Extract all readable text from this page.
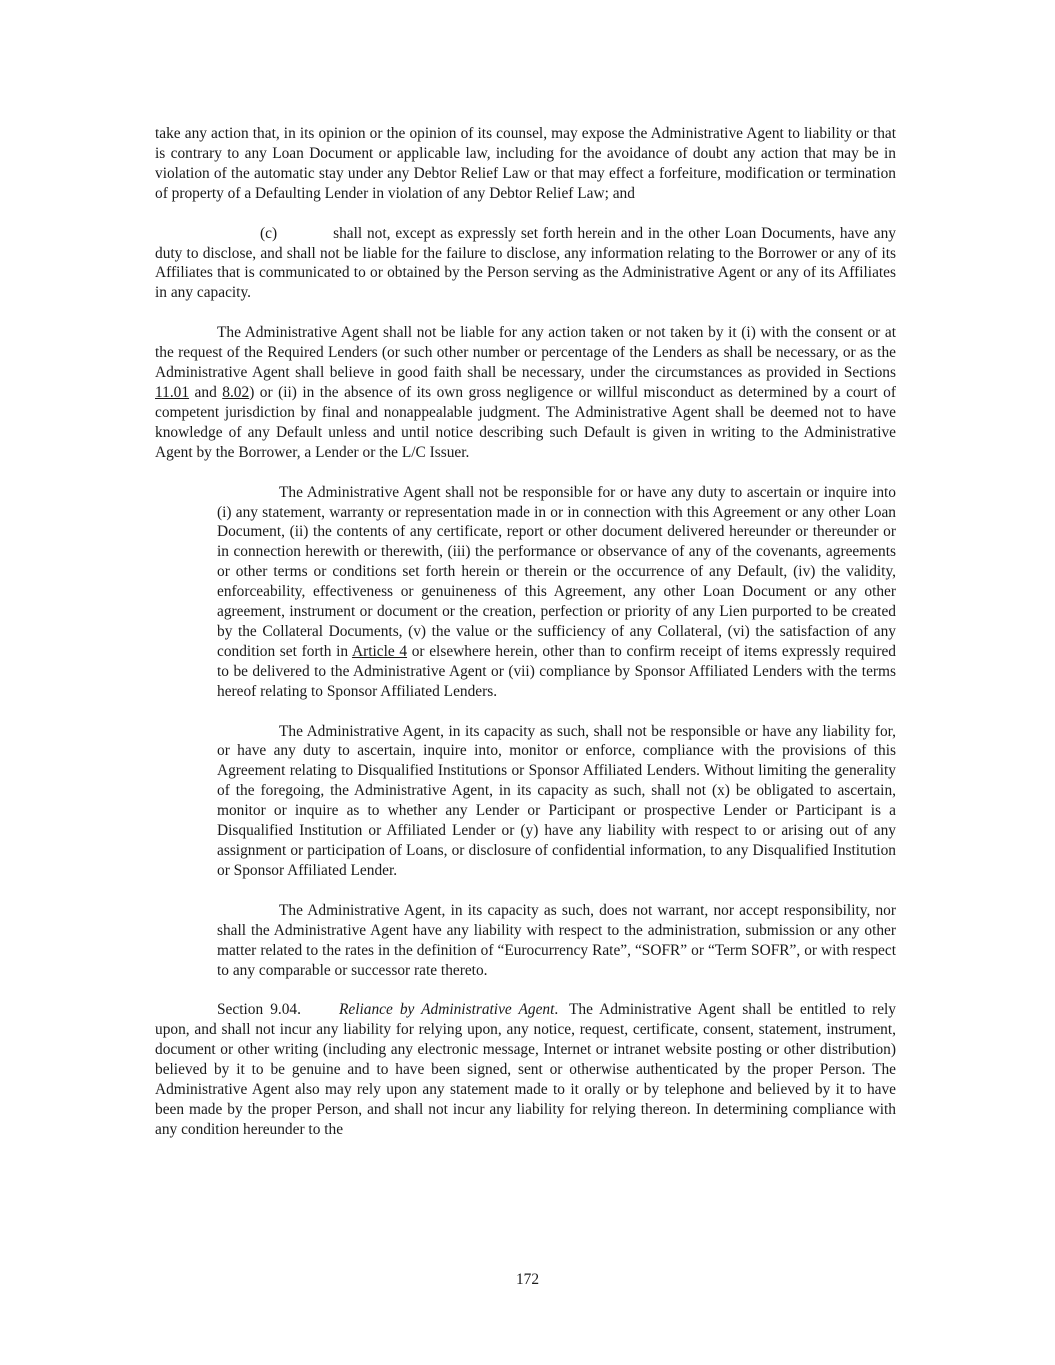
take any action that, in its opinion or the opinion of its counsel, may expose the Administrative Agent to liability or that is contrary to any Loan Document or applicable law, including for the avoidance of doubt any action that may be in violation of the automatic stay under any Debtor Relief Law or that may effect a forfeiture, modification or termination of property of a Defaulting Lender in violation of any Debtor Relief Law; and

(c)	shall not, except as expressly set forth herein and in the other Loan Documents, have any duty to disclose, and shall not be liable for the failure to disclose, any information relating to the Borrower or any of its Affiliates that is communicated to or obtained by the Person serving as the Administrative Agent or any of its Affiliates in any capacity.

The Administrative Agent shall not be liable for any action taken or not taken by it (i) with the consent or at the request of the Required Lenders (or such other number or percentage of the Lenders as shall be necessary, or as the Administrative Agent shall believe in good faith shall be necessary, under the circumstances as provided in Sections 11.01 and 8.02) or (ii) in the absence of its own gross negligence or willful misconduct as determined by a court of competent jurisdiction by final and nonappealable judgment. The Administrative Agent shall be deemed not to have knowledge of any Default unless and until notice describing such Default is given in writing to the Administrative Agent by the Borrower, a Lender or the L/C Issuer.

The Administrative Agent shall not be responsible for or have any duty to ascertain or inquire into (i) any statement, warranty or representation made in or in connection with this Agreement or any other Loan Document, (ii) the contents of any certificate, report or other document delivered hereunder or thereunder or in connection herewith or therewith, (iii) the performance or observance of any of the covenants, agreements or other terms or conditions set forth herein or therein or the occurrence of any Default, (iv) the validity, enforceability, effectiveness or genuineness of this Agreement, any other Loan Document or any other agreement, instrument or document or the creation, perfection or priority of any Lien purported to be created by the Collateral Documents, (v) the value or the sufficiency of any Collateral, (vi) the satisfaction of any condition set forth in Article 4 or elsewhere herein, other than to confirm receipt of items expressly required to be delivered to the Administrative Agent or (vii) compliance by Sponsor Affiliated Lenders with the terms hereof relating to Sponsor Affiliated Lenders.

The Administrative Agent, in its capacity as such, shall not be responsible or have any liability for, or have any duty to ascertain, inquire into, monitor or enforce, compliance with the provisions of this Agreement relating to Disqualified Institutions or Sponsor Affiliated Lenders. Without limiting the generality of the foregoing, the Administrative Agent, in its capacity as such, shall not (x) be obligated to ascertain, monitor or inquire as to whether any Lender or Participant or prospective Lender or Participant is a Disqualified Institution or Affiliated Lender or (y) have any liability with respect to or arising out of any assignment or participation of Loans, or disclosure of confidential information, to any Disqualified Institution or Sponsor Affiliated Lender.

The Administrative Agent, in its capacity as such, does not warrant, nor accept responsibility, nor shall the Administrative Agent have any liability with respect to the administration, submission or any other matter related to the rates in the definition of “Eurocurrency Rate”, “SOFR” or “Term SOFR”, or with respect to any comparable or successor rate thereto.

Section 9.04. Reliance by Administrative Agent. The Administrative Agent shall be entitled to rely upon, and shall not incur any liability for relying upon, any notice, request, certificate, consent, statement, instrument, document or other writing (including any electronic message, Internet or intranet website posting or other distribution) believed by it to be genuine and to have been signed, sent or otherwise authenticated by the proper Person. The Administrative Agent also may rely upon any statement made to it orally or by telephone and believed by it to have been made by the proper Person, and shall not incur any liability for relying thereon. In determining compliance with any condition hereunder to the

172
